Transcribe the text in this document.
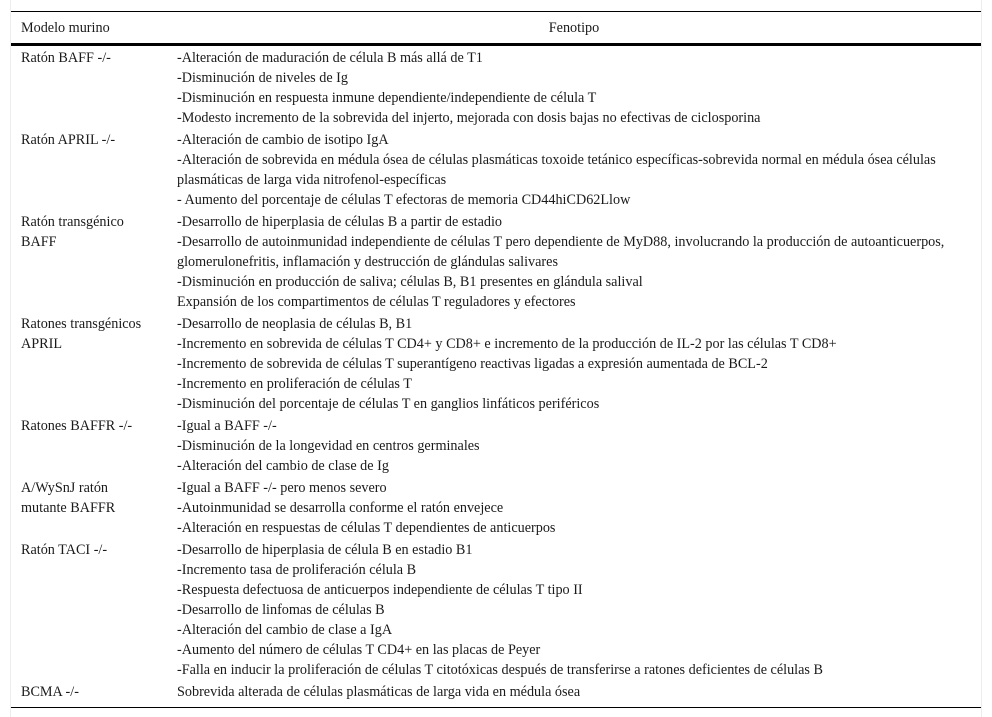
Modelo murino	Fenotipo
Ratón BAFF -/-	-Alteración de maduración de célula B más allá de T1
-Disminución de niveles de Ig
-Disminución en respuesta inmune dependiente/independiente de célula T
-Modesto incremento de la sobrevida del injerto, mejorada con dosis bajas no efectivas de ciclosporina

Ratón APRIL -/-	-Alteración de cambio de isotipo IgA
-Alteración de sobrevida en médula ósea de células plasmáticas toxoide tetánico específicas-sobrevida normal en médula ósea células plasmáticas de larga vida nitrofenol-específicas
- Aumento del porcentaje de células T efectoras de memoria CD44hiCD62Llow

Ratón transgénico BAFF	-Desarrollo de hiperplasia de células B a partir de estadio
-Desarrollo de autoinmunidad independiente de células T pero dependiente de MyD88, involucrando la producción de autoanticuerpos, glomerulonefritis, inflamación y destrucción de glándulas salivares
-Disminución en producción de saliva; células B, B1 presentes en glándula salival
Expansión de los compartimentos de células T reguladores y efectores

Ratones transgénicos APRIL	-Desarrollo de neoplasia de células B, B1
-Incremento en sobrevida de células T CD4+ y CD8+ e incremento de la producción de IL-2 por las células T CD8+
-Incremento de sobrevida de células T superantígeno reactivas ligadas a expresión aumentada de BCL-2
-Incremento en proliferación de células T
-Disminución del porcentaje de células T en ganglios linfáticos periféricos

Ratones BAFFR -/-	-Igual a BAFF -/-
-Disminución de la longevidad en centros germinales
-Alteración del cambio de clase de Ig

A/WySnJ ratón mutante BAFFR	-Igual a BAFF -/- pero menos severo
-Autoinmunidad se desarrolla conforme el ratón envejece
-Alteración en respuestas de células T dependientes de anticuerpos

Ratón TACI -/-	-Desarrollo de hiperplasia de célula B en estadio B1
-Incremento tasa de proliferación célula B
-Respuesta defectuosa de anticuerpos independiente de células T tipo II
-Desarrollo de linfomas de células B
-Alteración del cambio de clase a IgA
-Aumento del número de células T CD4+ en las placas de Peyer
-Falla en inducir la proliferación de células T citotóxicas después de transferirse a ratones deficientes de células B

BCMA -/-	Sobrevida alterada de células plasmáticas de larga vida en médula ósea
